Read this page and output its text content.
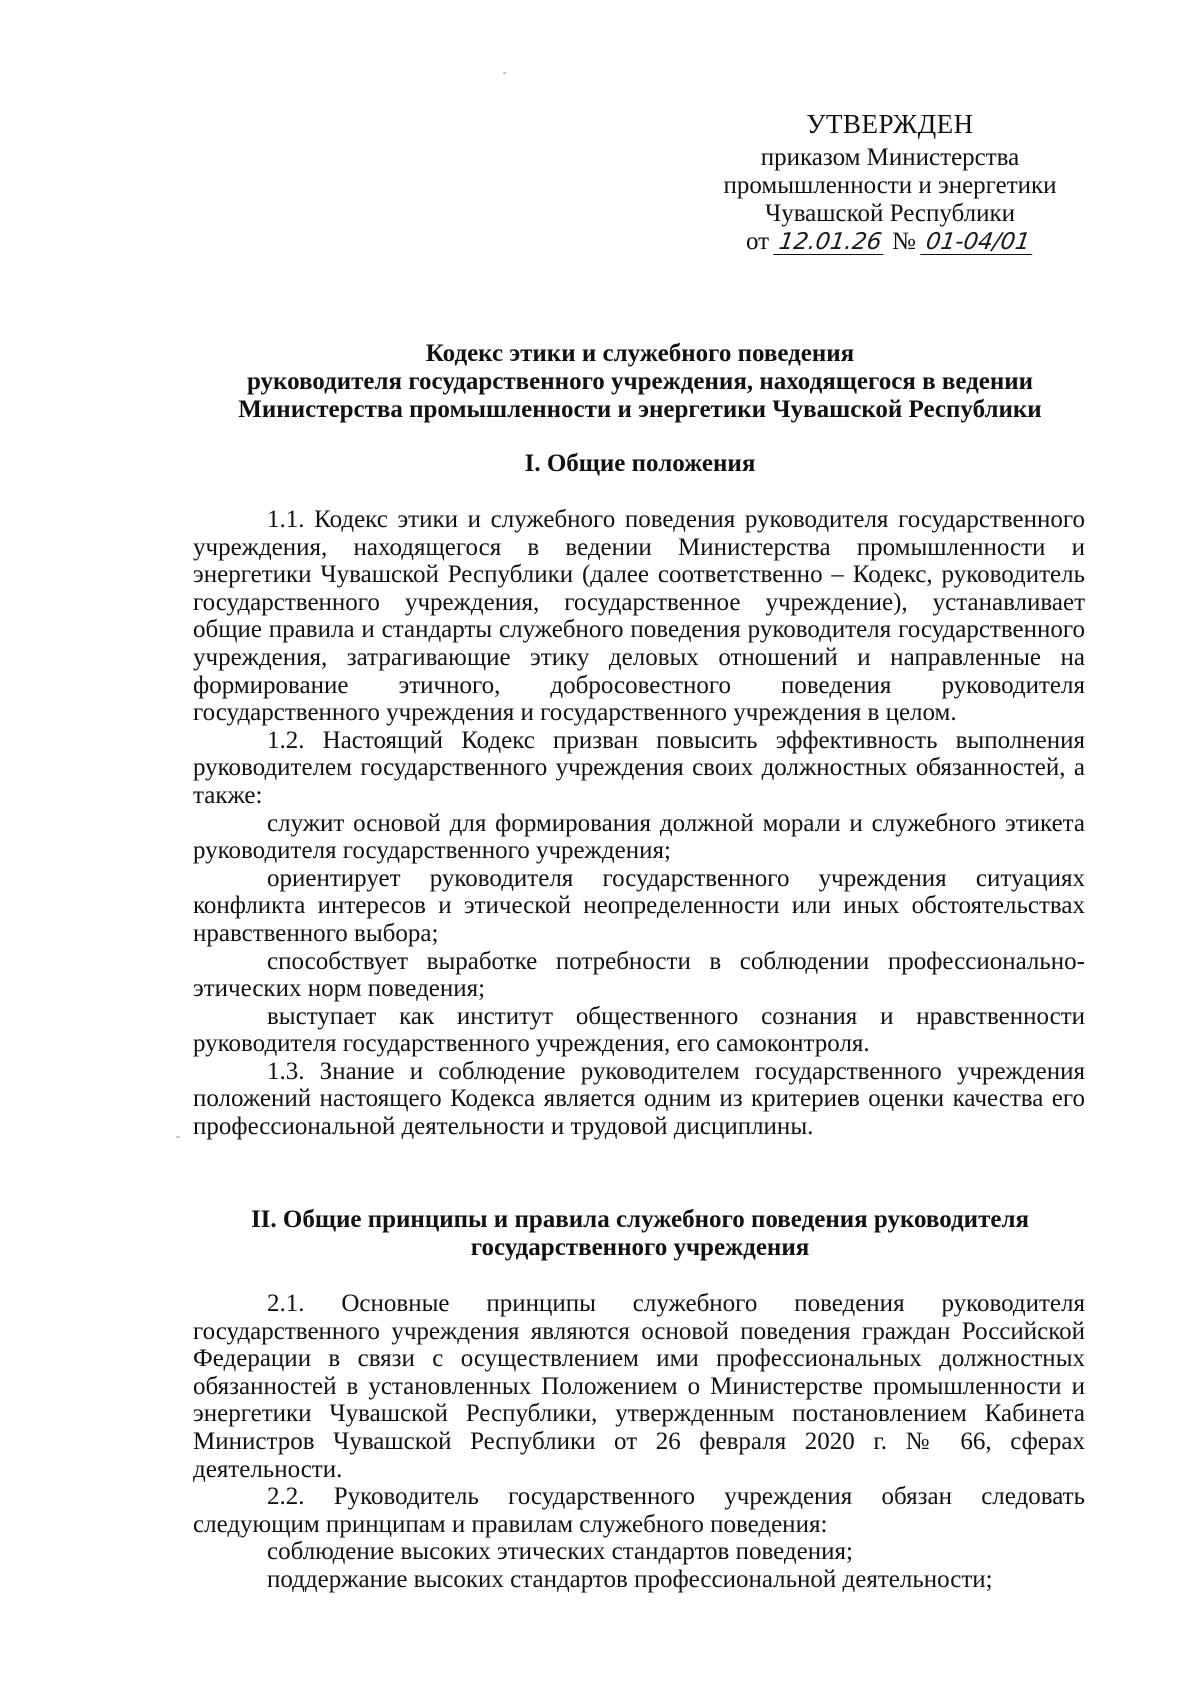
УТВЕРЖДЕН
приказом Министерства
промышленности и энергетики
Чувашской Республики
от 12.01.26 № 01-04/01
Кодекс этики и служебного поведения
руководителя государственного учреждения, находящегося в ведении
Министерства промышленности и энергетики Чувашской Республики
I. Общие положения

1.1. Кодекс этики и служебного поведения руководителя государственного учреждения, находящегося в ведении Министерства промышленности и энергетики Чувашской Республики (далее соответственно – Кодекс, руководитель государственного учреждения, государственное учреждение), устанавливает общие правила и стандарты служебного поведения руководителя государственного учреждения, затрагивающие этику деловых отношений и направленные на формирование этичного, добросовестного поведения руководителя государственного учреждения и государственного учреждения в целом.

1.2. Настоящий Кодекс призван повысить эффективность выполнения руководителем государственного учреждения своих должностных обязанностей, а также:

служит основой для формирования должной морали и служебного этикета руководителя государственного учреждения;

ориентирует руководителя государственного учреждения ситуациях конфликта интересов и этической неопределенности или иных обстоятельствах нравственного выбора;

способствует выработке потребности в соблюдении профессионально-этических норм поведения;

выступает как институт общественного сознания и нравственности руководителя государственного учреждения, его самоконтроля.

1.3. Знание и соблюдение руководителем государственного учреждения положений настоящего Кодекса является одним из критериев оценки качества его профессиональной деятельности и трудовой дисциплины.

II. Общие принципы и правила служебного поведения руководителя
государственного учреждения

2.1. Основные принципы служебного поведения руководителя государственного учреждения являются основой поведения граждан Российской Федерации в связи с осуществлением ими профессиональных должностных обязанностей в установленных Положением о Министерстве промышленности и энергетики Чувашской Республики, утвержденным постановлением Кабинета Министров Чувашской Республики от 26 февраля 2020 г. № 66, сферах деятельности.

2.2. Руководитель государственного учреждения обязан следовать следующим принципам и правилам служебного поведения:

соблюдение высоких этических стандартов поведения;

поддержание высоких стандартов профессиональной деятельности;
